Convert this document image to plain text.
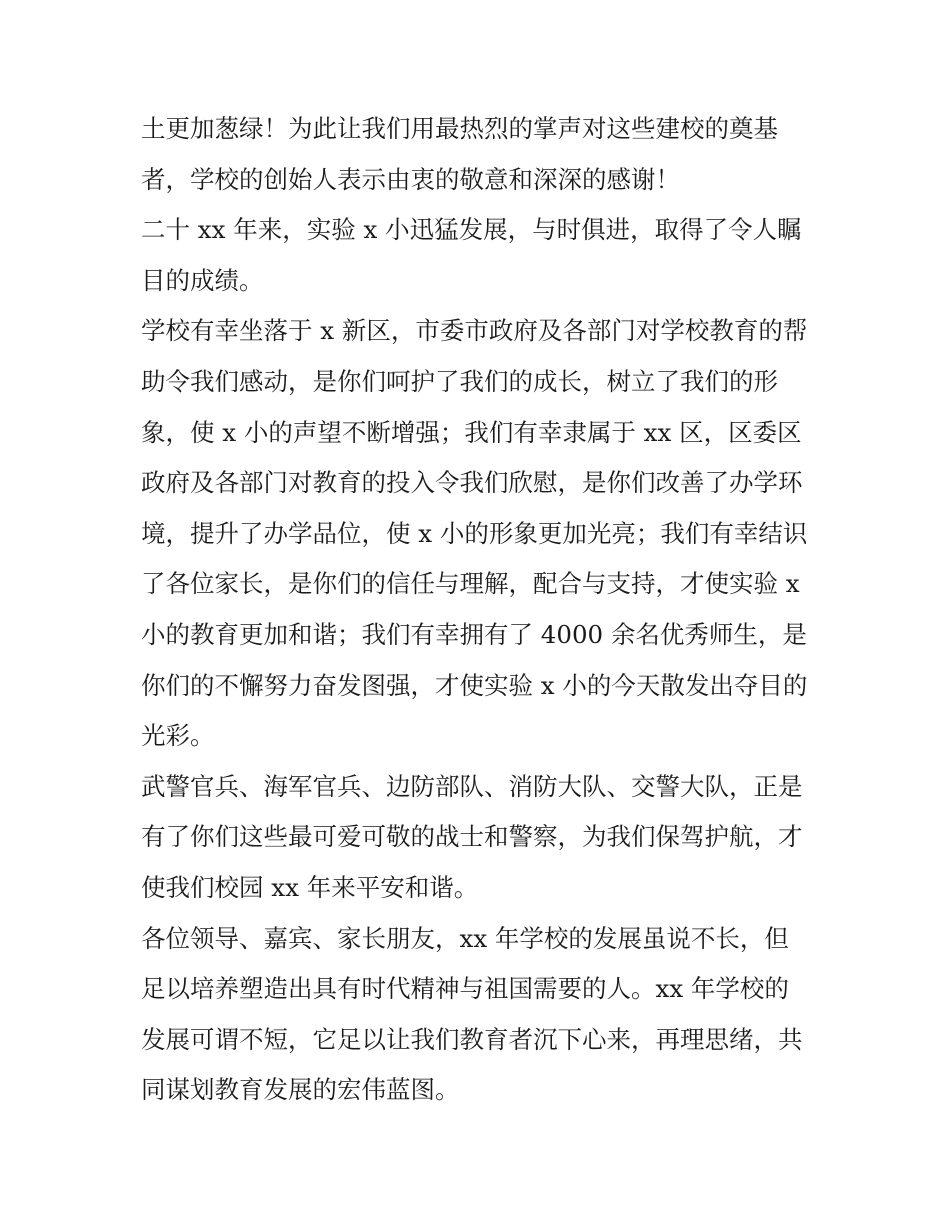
土更加葱绿！为此让我们用最热烈的掌声对这些建校的奠基
者，学校的创始人表示由衷的敬意和深深的感谢！

二十 xx 年来，实验 x 小迅猛发展，与时俱进，取得了令人瞩
目的成绩。

学校有幸坐落于 x 新区，市委市政府及各部门对学校教育的帮
助令我们感动，是你们呵护了我们的成长，树立了我们的形
象，使 x 小的声望不断增强；我们有幸隶属于 xx 区，区委区
政府及各部门对教育的投入令我们欣慰，是你们改善了办学环
境，提升了办学品位，使 x 小的形象更加光亮；我们有幸结识
了各位家长，是你们的信任与理解，配合与支持，才使实验 x
小的教育更加和谐；我们有幸拥有了 4000 余名优秀师生，是
你们的不懈努力奋发图强，才使实验 x 小的今天散发出夺目的
光彩。

武警官兵、海军官兵、边防部队、消防大队、交警大队，正是
有了你们这些最可爱可敬的战士和警察，为我们保驾护航，才
使我们校园 xx 年来平安和谐。

各位领导、嘉宾、家长朋友，xx 年学校的发展虽说不长，但
足以培养塑造出具有时代精神与祖国需要的人。xx 年学校的
发展可谓不短，它足以让我们教育者沉下心来，再理思绪，共
同谋划教育发展的宏伟蓝图。
